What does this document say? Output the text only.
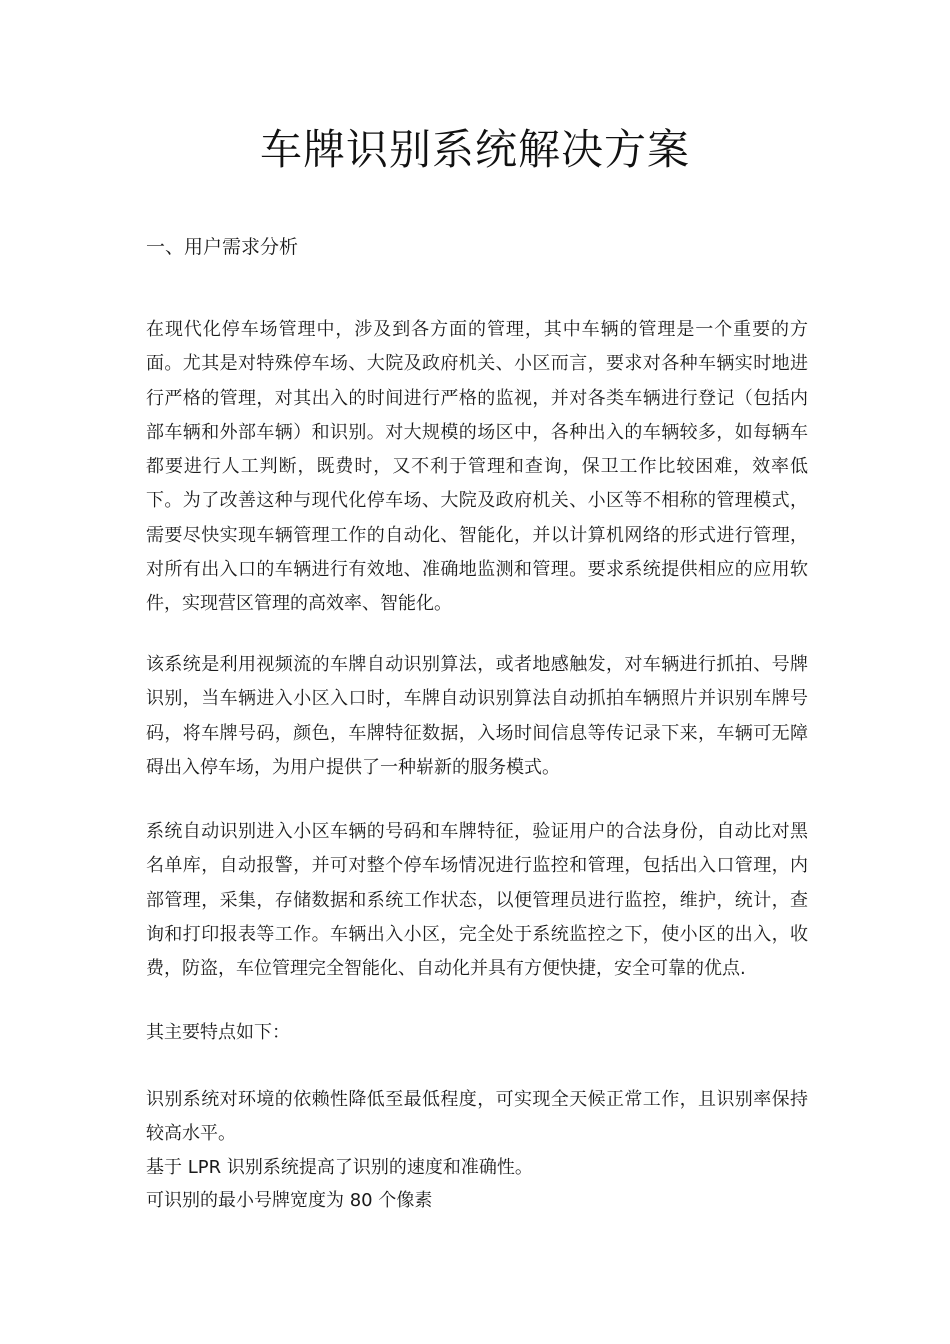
车牌识别系统解决方案
一、用户需求分析
在现代化停车场管理中，涉及到各方面的管理，其中车辆的管理是一个重要的方面。尤其是对特殊停车场、大院及政府机关、小区而言，要求对各种车辆实时地进行严格的管理，对其出入的时间进行严格的监视，并对各类车辆进行登记（包括内部车辆和外部车辆）和识别。对大规模的场区中，各种出入的车辆较多，如每辆车都要进行人工判断，既费时，又不利于管理和查询，保卫工作比较困难，效率低下。为了改善这种与现代化停车场、大院及政府机关、小区等不相称的管理模式，需要尽快实现车辆管理工作的自动化、智能化，并以计算机网络的形式进行管理，对所有出入口的车辆进行有效地、准确地监测和管理。要求系统提供相应的应用软件，实现营区管理的高效率、智能化。
该系统是利用视频流的车牌自动识别算法，或者地感触发，对车辆进行抓拍、号牌识别，当车辆进入小区入口时，车牌自动识别算法自动抓拍车辆照片并识别车牌号码，将车牌号码，颜色，车牌特征数据，入场时间信息等传记录下来，车辆可无障碍出入停车场，为用户提供了一种崭新的服务模式。
系统自动识别进入小区车辆的号码和车牌特征，验证用户的合法身份，自动比对黑名单库，自动报警，并可对整个停车场情况进行监控和管理，包括出入口管理，内部管理，采集，存储数据和系统工作状态，以便管理员进行监控，维护，统计，查询和打印报表等工作。车辆出入小区，完全处于系统监控之下，使小区的出入，收费，防盗，车位管理完全智能化、自动化并具有方便快捷，安全可靠的优点.
其主要特点如下：
识别系统对环境的依赖性降低至最低程度，可实现全天候正常工作，且识别率保持较高水平。
基于 LPR 识别系统提高了识别的速度和准确性。
可识别的最小号牌宽度为 80 个像素
